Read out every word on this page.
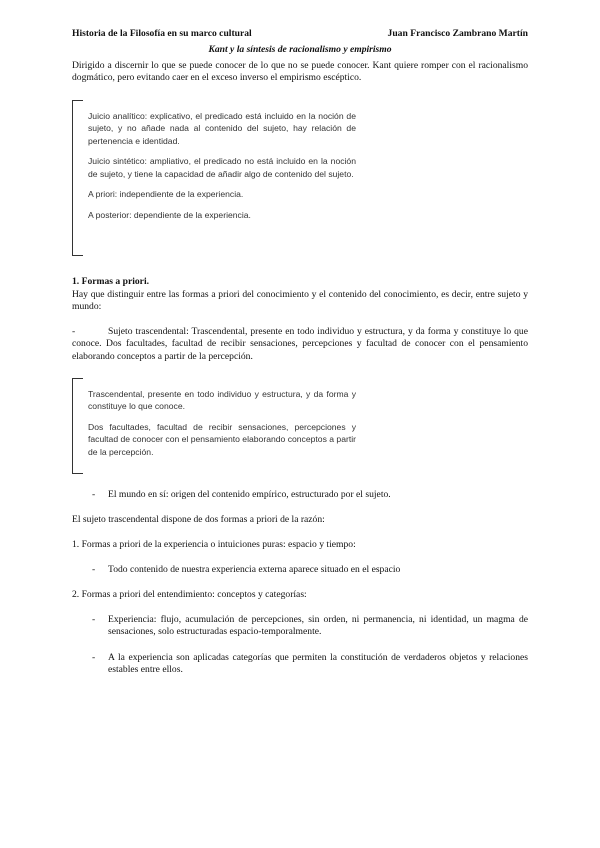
Historia de la Filosofía en su marco cultural	Juan Francisco Zambrano Martín
Kant y la síntesis de racionalismo y empirismo

Dirigido a discernir lo que se puede conocer de lo que no se puede conocer. Kant quiere romper con el racionalismo dogmático, pero evitando caer en el exceso inverso el empirismo escéptico.

Juicio analítico: explicativo, el predicado está incluido en la noción de sujeto, y no añade nada al contenido del sujeto, hay relación de pertenencia e identidad.

Juicio sintético: ampliativo, el predicado no está incluido en la noción de sujeto, y tiene la capacidad de añadir algo de contenido del sujeto.

A priori: independiente de la experiencia.

A posterior: dependiente de la experiencia.

1. Formas a priori.

Hay que distinguir entre las formas a priori del conocimiento y el contenido del conocimiento, es decir, entre sujeto y mundo:

-	Sujeto trascendental: Trascendental, presente en todo individuo y estructura, y da forma y constituye lo que conoce. Dos facultades, facultad de recibir sensaciones, percepciones y facultad de conocer con el pensamiento elaborando conceptos a partir de la percepción.

Trascendental, presente en todo individuo y estructura, y da forma y constituye lo que conoce.

Dos facultades, facultad de recibir sensaciones, percepciones y facultad de conocer con el pensamiento elaborando conceptos a partir de la percepción.

- El mundo en sí: origen del contenido empírico, estructurado por el sujeto.

El sujeto trascendental dispone de dos formas a priori de la razón:

1. Formas a priori de la experiencia o intuiciones puras: espacio y tiempo:

- Todo contenido de nuestra experiencia externa aparece situado en el espacio

2. Formas a priori del entendimiento: conceptos y categorías:

- Experiencia: flujo, acumulación de percepciones, sin orden, ni permanencia, ni identidad, un magma de sensaciones, solo estructuradas espacio-temporalmente.

- A la experiencia son aplicadas categorías que permiten la constitución de verdaderos objetos y relaciones estables entre ellos.
